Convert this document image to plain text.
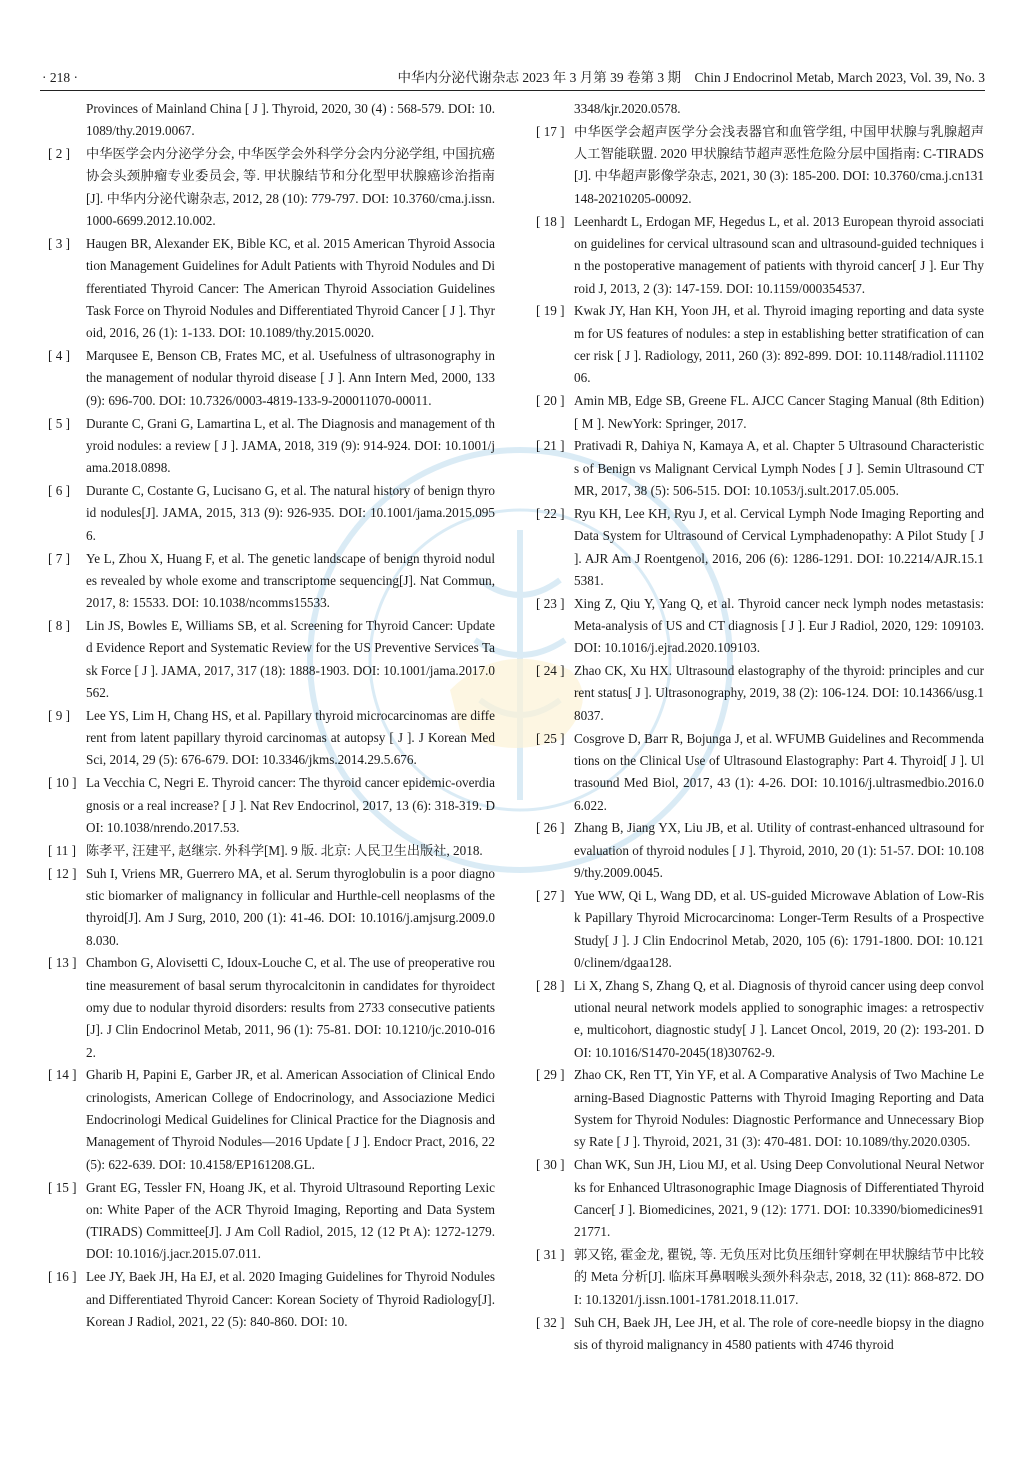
· 218 ·	中华内分泌代谢杂志 2023 年 3 月第 39 卷第 3 期　Chin J Endocrinol Metab, March 2023, Vol. 39, No. 3
Provinces of Mainland China [ J ]. Thyroid, 2020, 30 (4) : 568-579. DOI: 10.1089/thy.2019.0067.
[ 2 ]	中华医学会内分泌学分会, 中华医学会外科学分会内分泌学组, 中国抗癌协会头颈肿瘤专业委员会, 等. 甲状腺结节和分化型甲状腺癌诊治指南[J]. 中华内分泌代谢杂志, 2012, 28 (10): 779-797. DOI: 10.3760/cma.j.issn.1000-6699.2012.10.002.
[ 3 ]	Haugen BR, Alexander EK, Bible KC, et al. 2015 American Thyroid Association Management Guidelines for Adult Patients with Thyroid Nodules and Differentiated Thyroid Cancer: The American Thyroid Association Guidelines Task Force on Thyroid Nodules and Differentiated Thyroid Cancer [ J ]. Thyroid, 2016, 26 (1): 1-133. DOI: 10.1089/thy.2015.0020.
[ 4 ]	Marqusee E, Benson CB, Frates MC, et al. Usefulness of ultrasonography in the management of nodular thyroid disease [ J ]. Ann Intern Med, 2000, 133 (9): 696-700. DOI: 10.7326/0003-4819-133-9-200011070-00011.
[ 5 ]	Durante C, Grani G, Lamartina L, et al. The Diagnosis and management of thyroid nodules: a review [ J ]. JAMA, 2018, 319 (9): 914-924. DOI: 10.1001/jama.2018.0898.
[ 6 ]	Durante C, Costante G, Lucisano G, et al. The natural history of benign thyroid nodules[J]. JAMA, 2015, 313 (9): 926-935. DOI: 10.1001/jama.2015.0956.
[ 7 ]	Ye L, Zhou X, Huang F, et al. The genetic landscape of benign thyroid nodules revealed by whole exome and transcriptome sequencing[J]. Nat Commun, 2017, 8: 15533. DOI: 10.1038/ncomms15533.
[ 8 ]	Lin JS, Bowles E, Williams SB, et al. Screening for Thyroid Cancer: Updated Evidence Report and Systematic Review for the US Preventive Services Task Force [ J ]. JAMA, 2017, 317 (18): 1888-1903. DOI: 10.1001/jama.2017.0562.
[ 9 ]	Lee YS, Lim H, Chang HS, et al. Papillary thyroid microcarcinomas are different from latent papillary thyroid carcinomas at autopsy [ J ]. J Korean Med Sci, 2014, 29 (5): 676-679. DOI: 10.3346/jkms.2014.29.5.676.
[ 10 ] La Vecchia C, Negri E. Thyroid cancer: The thyroid cancer epidemic-overdiagnosis or a real increase? [ J ]. Nat Rev Endocrinol, 2017, 13 (6): 318-319. DOI: 10.1038/nrendo.2017.53.
[ 11 ] 陈孝平, 汪建平, 赵继宗. 外科学[M]. 9 版. 北京: 人民卫生出版社, 2018.
[ 12 ] Suh I, Vriens MR, Guerrero MA, et al. Serum thyroglobulin is a poor diagnostic biomarker of malignancy in follicular and Hurthle-cell neoplasms of the thyroid[J]. Am J Surg, 2010, 200 (1): 41-46. DOI: 10.1016/j.amjsurg.2009.08.030.
[ 13 ] Chambon G, Alovisetti C, Idoux-Louche C, et al. The use of preoperative routine measurement of basal serum thyrocalcitonin in candidates for thyroidectomy due to nodular thyroid disorders: results from 2733 consecutive patients[J]. J Clin Endocrinol Metab, 2011, 96 (1): 75-81. DOI: 10.1210/jc.2010-0162.
[ 14 ] Gharib H, Papini E, Garber JR, et al. American Association of Clinical Endocrinologists, American College of Endocrinology, and Associazione Medici Endocrinologi Medical Guidelines for Clinical Practice for the Diagnosis and Management of Thyroid Nodules—2016 Update [ J ]. Endocr Pract, 2016, 22 (5): 622-639. DOI: 10.4158/EP161208.GL.
[ 15 ] Grant EG, Tessler FN, Hoang JK, et al. Thyroid Ultrasound Reporting Lexicon: White Paper of the ACR Thyroid Imaging, Reporting and Data System (TIRADS) Committee[J]. J Am Coll Radiol, 2015, 12 (12 Pt A): 1272-1279. DOI: 10.1016/j.jacr.2015.07.011.
[ 16 ] Lee JY, Baek JH, Ha EJ, et al. 2020 Imaging Guidelines for Thyroid Nodules and Differentiated Thyroid Cancer: Korean Society of Thyroid Radiology[J]. Korean J Radiol, 2021, 22 (5): 840-860. DOI: 10.
3348/kjr.2020.0578.
[ 17 ] 中华医学会超声医学分会浅表器官和血管学组, 中国甲状腺与乳腺超声人工智能联盟. 2020 甲状腺结节超声恶性危险分层中国指南: C-TIRADS[J]. 中华超声影像学杂志, 2021, 30 (3): 185-200. DOI: 10.3760/cma.j.cn131148-20210205-00092.
[ 18 ] Leenhardt L, Erdogan MF, Hegedus L, et al. 2013 European thyroid association guidelines for cervical ultrasound scan and ultrasound-guided techniques in the postoperative management of patients with thyroid cancer[ J ]. Eur Thyroid J, 2013, 2 (3): 147-159. DOI: 10.1159/000354537.
[ 19 ] Kwak JY, Han KH, Yoon JH, et al. Thyroid imaging reporting and data system for US features of nodules: a step in establishing better stratification of cancer risk [ J ]. Radiology, 2011, 260 (3): 892-899. DOI: 10.1148/radiol.11110206.
[ 20 ] Amin MB, Edge SB, Greene FL. AJCC Cancer Staging Manual (8th Edition) [ M ]. NewYork: Springer, 2017.
[ 21 ] Prativadi R, Dahiya N, Kamaya A, et al. Chapter 5 Ultrasound Characteristics of Benign vs Malignant Cervical Lymph Nodes [ J ]. Semin Ultrasound CT MR, 2017, 38 (5): 506-515. DOI: 10.1053/j.sult.2017.05.005.
[ 22 ] Ryu KH, Lee KH, Ryu J, et al. Cervical Lymph Node Imaging Reporting and Data System for Ultrasound of Cervical Lymphadenopathy: A Pilot Study [ J ]. AJR Am J Roentgenol, 2016, 206 (6): 1286-1291. DOI: 10.2214/AJR.15.15381.
[ 23 ] Xing Z, Qiu Y, Yang Q, et al. Thyroid cancer neck lymph nodes metastasis: Meta-analysis of US and CT diagnosis [ J ]. Eur J Radiol, 2020, 129: 109103. DOI: 10.1016/j.ejrad.2020.109103.
[ 24 ] Zhao CK, Xu HX. Ultrasound elastography of the thyroid: principles and current status[ J ]. Ultrasonography, 2019, 38 (2): 106-124. DOI: 10.14366/usg.18037.
[ 25 ] Cosgrove D, Barr R, Bojunga J, et al. WFUMB Guidelines and Recommendations on the Clinical Use of Ultrasound Elastography: Part 4. Thyroid[ J ]. Ultrasound Med Biol, 2017, 43 (1): 4-26. DOI: 10.1016/j.ultrasmedbio.2016.06.022.
[ 26 ] Zhang B, Jiang YX, Liu JB, et al. Utility of contrast-enhanced ultrasound for evaluation of thyroid nodules [ J ]. Thyroid, 2010, 20 (1): 51-57. DOI: 10.1089/thy.2009.0045.
[ 27 ] Yue WW, Qi L, Wang DD, et al. US-guided Microwave Ablation of Low-Risk Papillary Thyroid Microcarcinoma: Longer-Term Results of a Prospective Study[ J ]. J Clin Endocrinol Metab, 2020, 105 (6): 1791-1800. DOI: 10.1210/clinem/dgaa128.
[ 28 ] Li X, Zhang S, Zhang Q, et al. Diagnosis of thyroid cancer using deep convolutional neural network models applied to sonographic images: a retrospective, multicohort, diagnostic study[ J ]. Lancet Oncol, 2019, 20 (2): 193-201. DOI: 10.1016/S1470-2045(18)30762-9.
[ 29 ] Zhao CK, Ren TT, Yin YF, et al. A Comparative Analysis of Two Machine Learning-Based Diagnostic Patterns with Thyroid Imaging Reporting and Data System for Thyroid Nodules: Diagnostic Performance and Unnecessary Biopsy Rate [ J ]. Thyroid, 2021, 31 (3): 470-481. DOI: 10.1089/thy.2020.0305.
[ 30 ] Chan WK, Sun JH, Liou MJ, et al. Using Deep Convolutional Neural Networks for Enhanced Ultrasonographic Image Diagnosis of Differentiated Thyroid Cancer[ J ]. Biomedicines, 2021, 9 (12): 1771. DOI: 10.3390/biomedicines9121771.
[ 31 ] 郭又铭, 霍金龙, 瞿锐, 等. 无负压对比负压细针穿刺在甲状腺结节中比较的 Meta 分析[J]. 临床耳鼻咽喉头颈外科杂志, 2018, 32 (11): 868-872. DOI: 10.13201/j.issn.1001-1781.2018.11.017.
[ 32 ] Suh CH, Baek JH, Lee JH, et al. The role of core-needle biopsy in the diagnosis of thyroid malignancy in 4580 patients with 4746 thyroid
